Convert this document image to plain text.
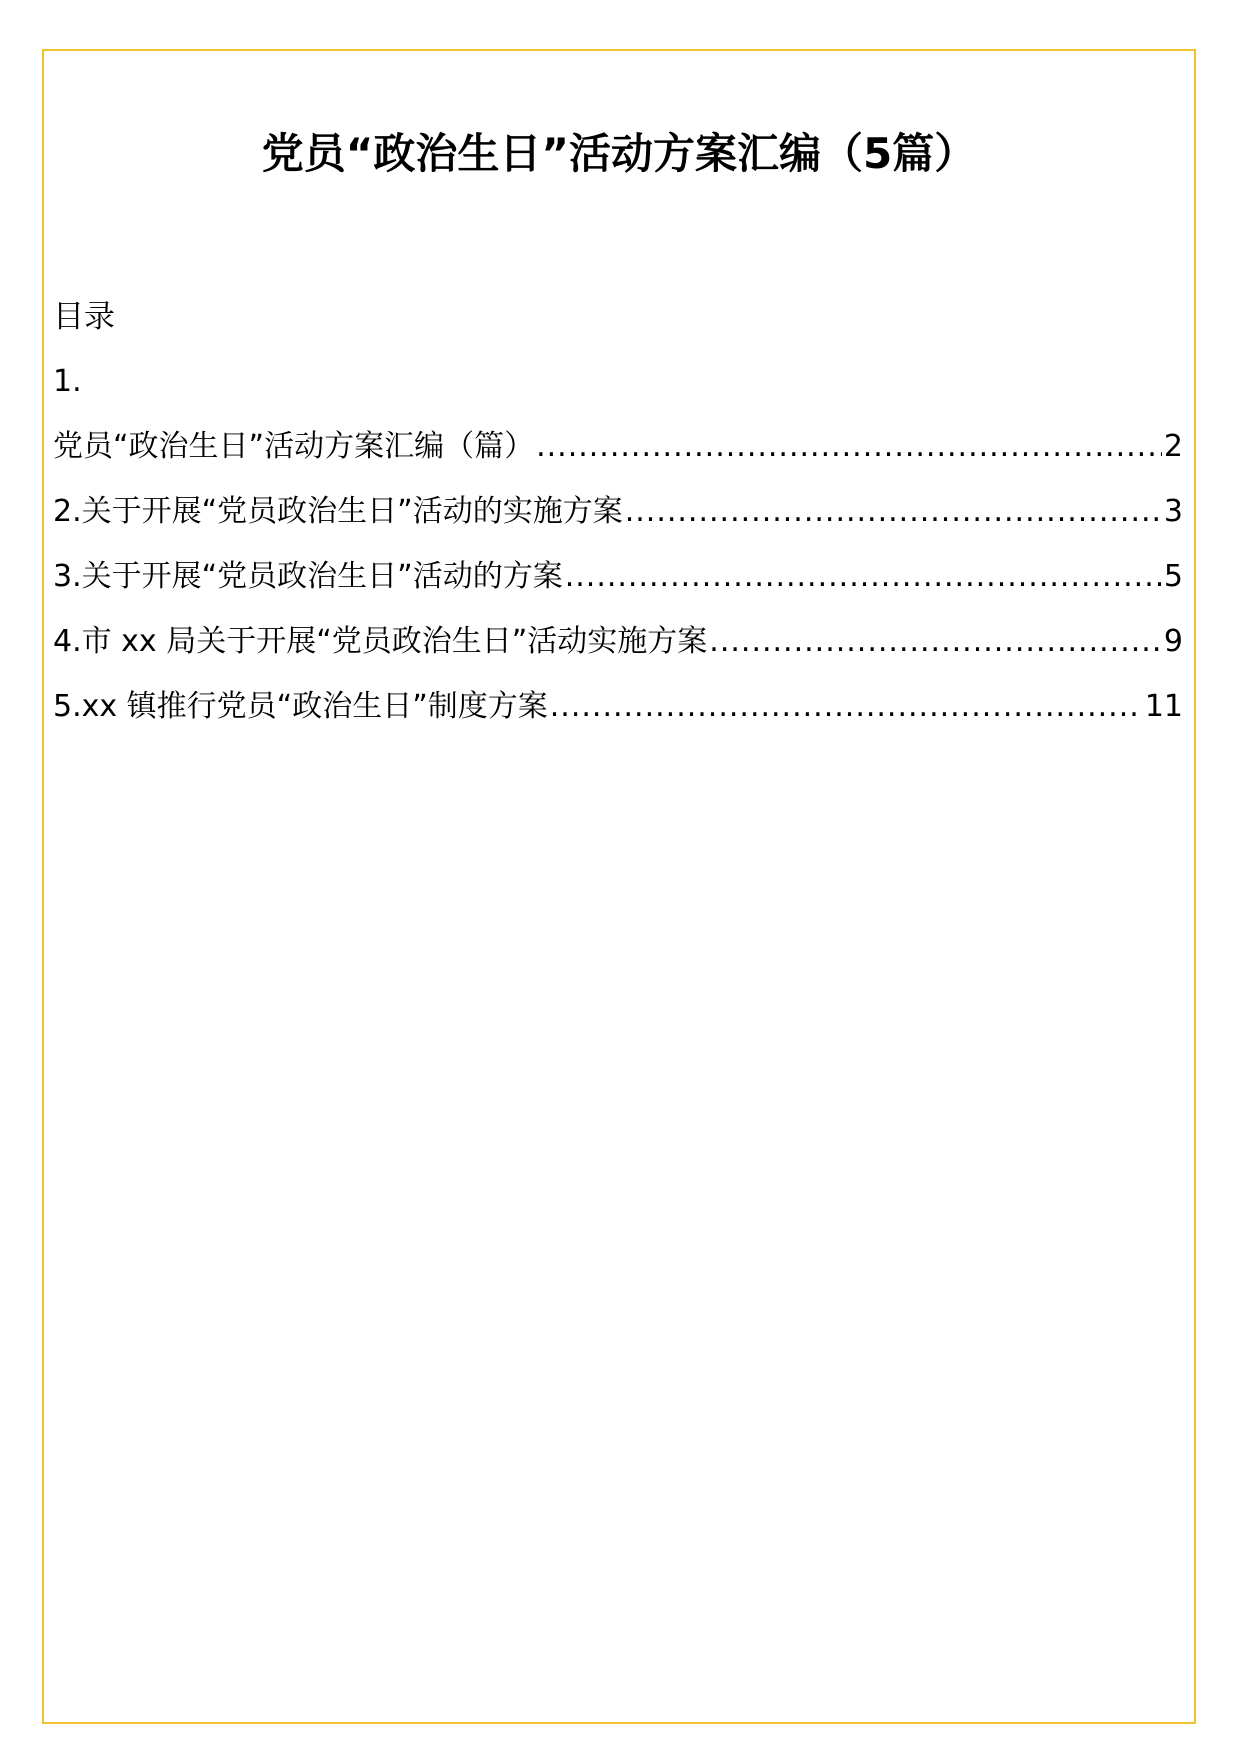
党员“政治生日”活动方案汇编（5篇）
目录
1.
党员“政治生日”活动方案汇编（篇） .....	2
2.关于开展“党员政治生日”活动的实施方案 .....	3
3.关于开展“党员政治生日”活动的方案 .....	5
4.市 xx 局关于开展“党员政治生日”活动实施方案 .....	9
5.xx 镇推行党员“政治生日”制度方案 .....	11
